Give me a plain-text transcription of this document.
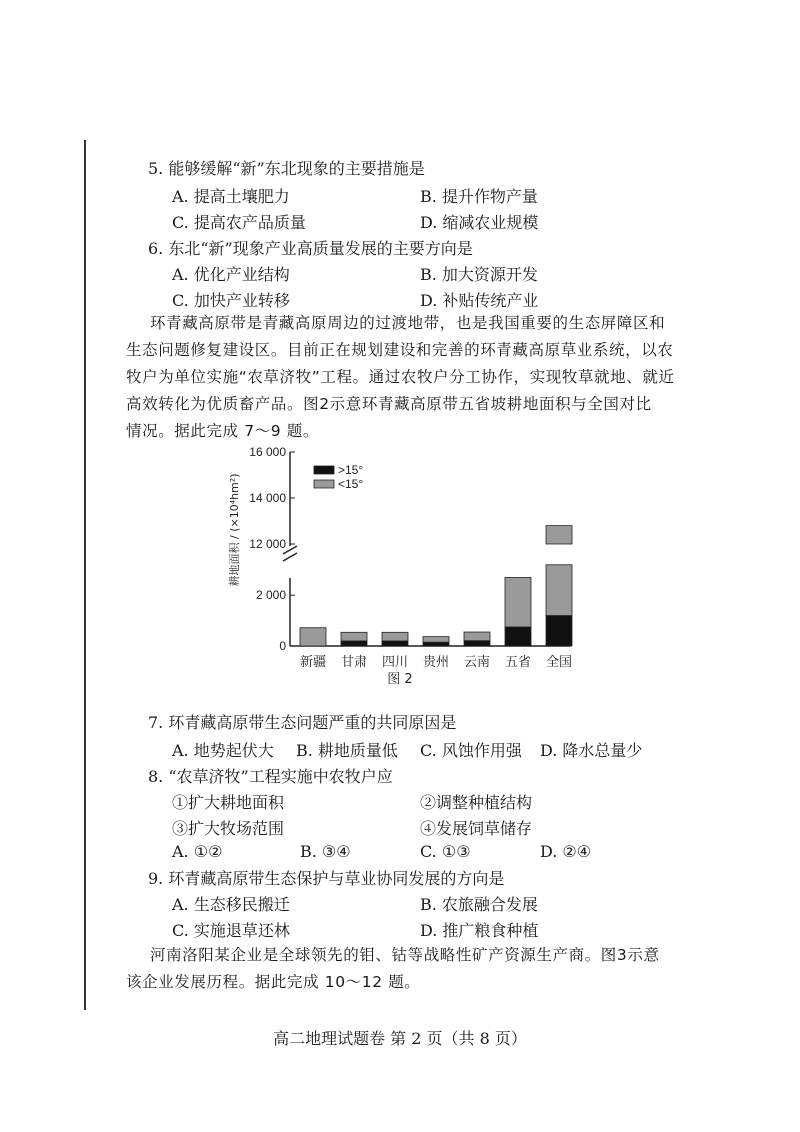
5. 能够缓解“新”东北现象的主要措施是
A. 提高土壤肥力	B. 提升作物产量
C. 提高农产品质量	D. 缩减农业规模
6. 东北“新”现象产业高质量发展的主要方向是
A. 优化产业结构	B. 加大资源开发
C. 加快产业转移	D. 补贴传统产业
环青藏高原带是青藏高原周边的过渡地带，也是我国重要的生态屏障区和
生态问题修复建设区。目前正在规划建设和完善的环青藏高原草业系统，以农
牧户为单位实施“农草济牧”工程。通过农牧户分工协作，实现牧草就地、就近
高效转化为优质畜产品。图2示意环青藏高原带五省坡耕地面积与全国对比
情况。据此完成 7～9 题。
耕地面积 / (×10⁴hm²)
0
2 000
12 000
14 000
16 000
新疆 甘肃 四川 贵州 云南 五省 全国
>15°
<15°
图 2
7. 环青藏高原带生态问题严重的共同原因是
A. 地势起伏大 B. 耕地质量低 C. 风蚀作用强 D. 降水总量少
8. “农草济牧”工程实施中农牧户应
①扩大耕地面积	②调整种植结构
③扩大牧场范围	④发展饲草储存
A. ①②	B. ③④	C. ①③	D. ②④
9. 环青藏高原带生态保护与草业协同发展的方向是
A. 生态移民搬迁	B. 农旅融合发展
C. 实施退草还林	D. 推广粮食种植
河南洛阳某企业是全球领先的钼、钴等战略性矿产资源生产商。图3示意
该企业发展历程。据此完成 10～12 题。
高二地理试题卷 第 2 页（共 8 页）
